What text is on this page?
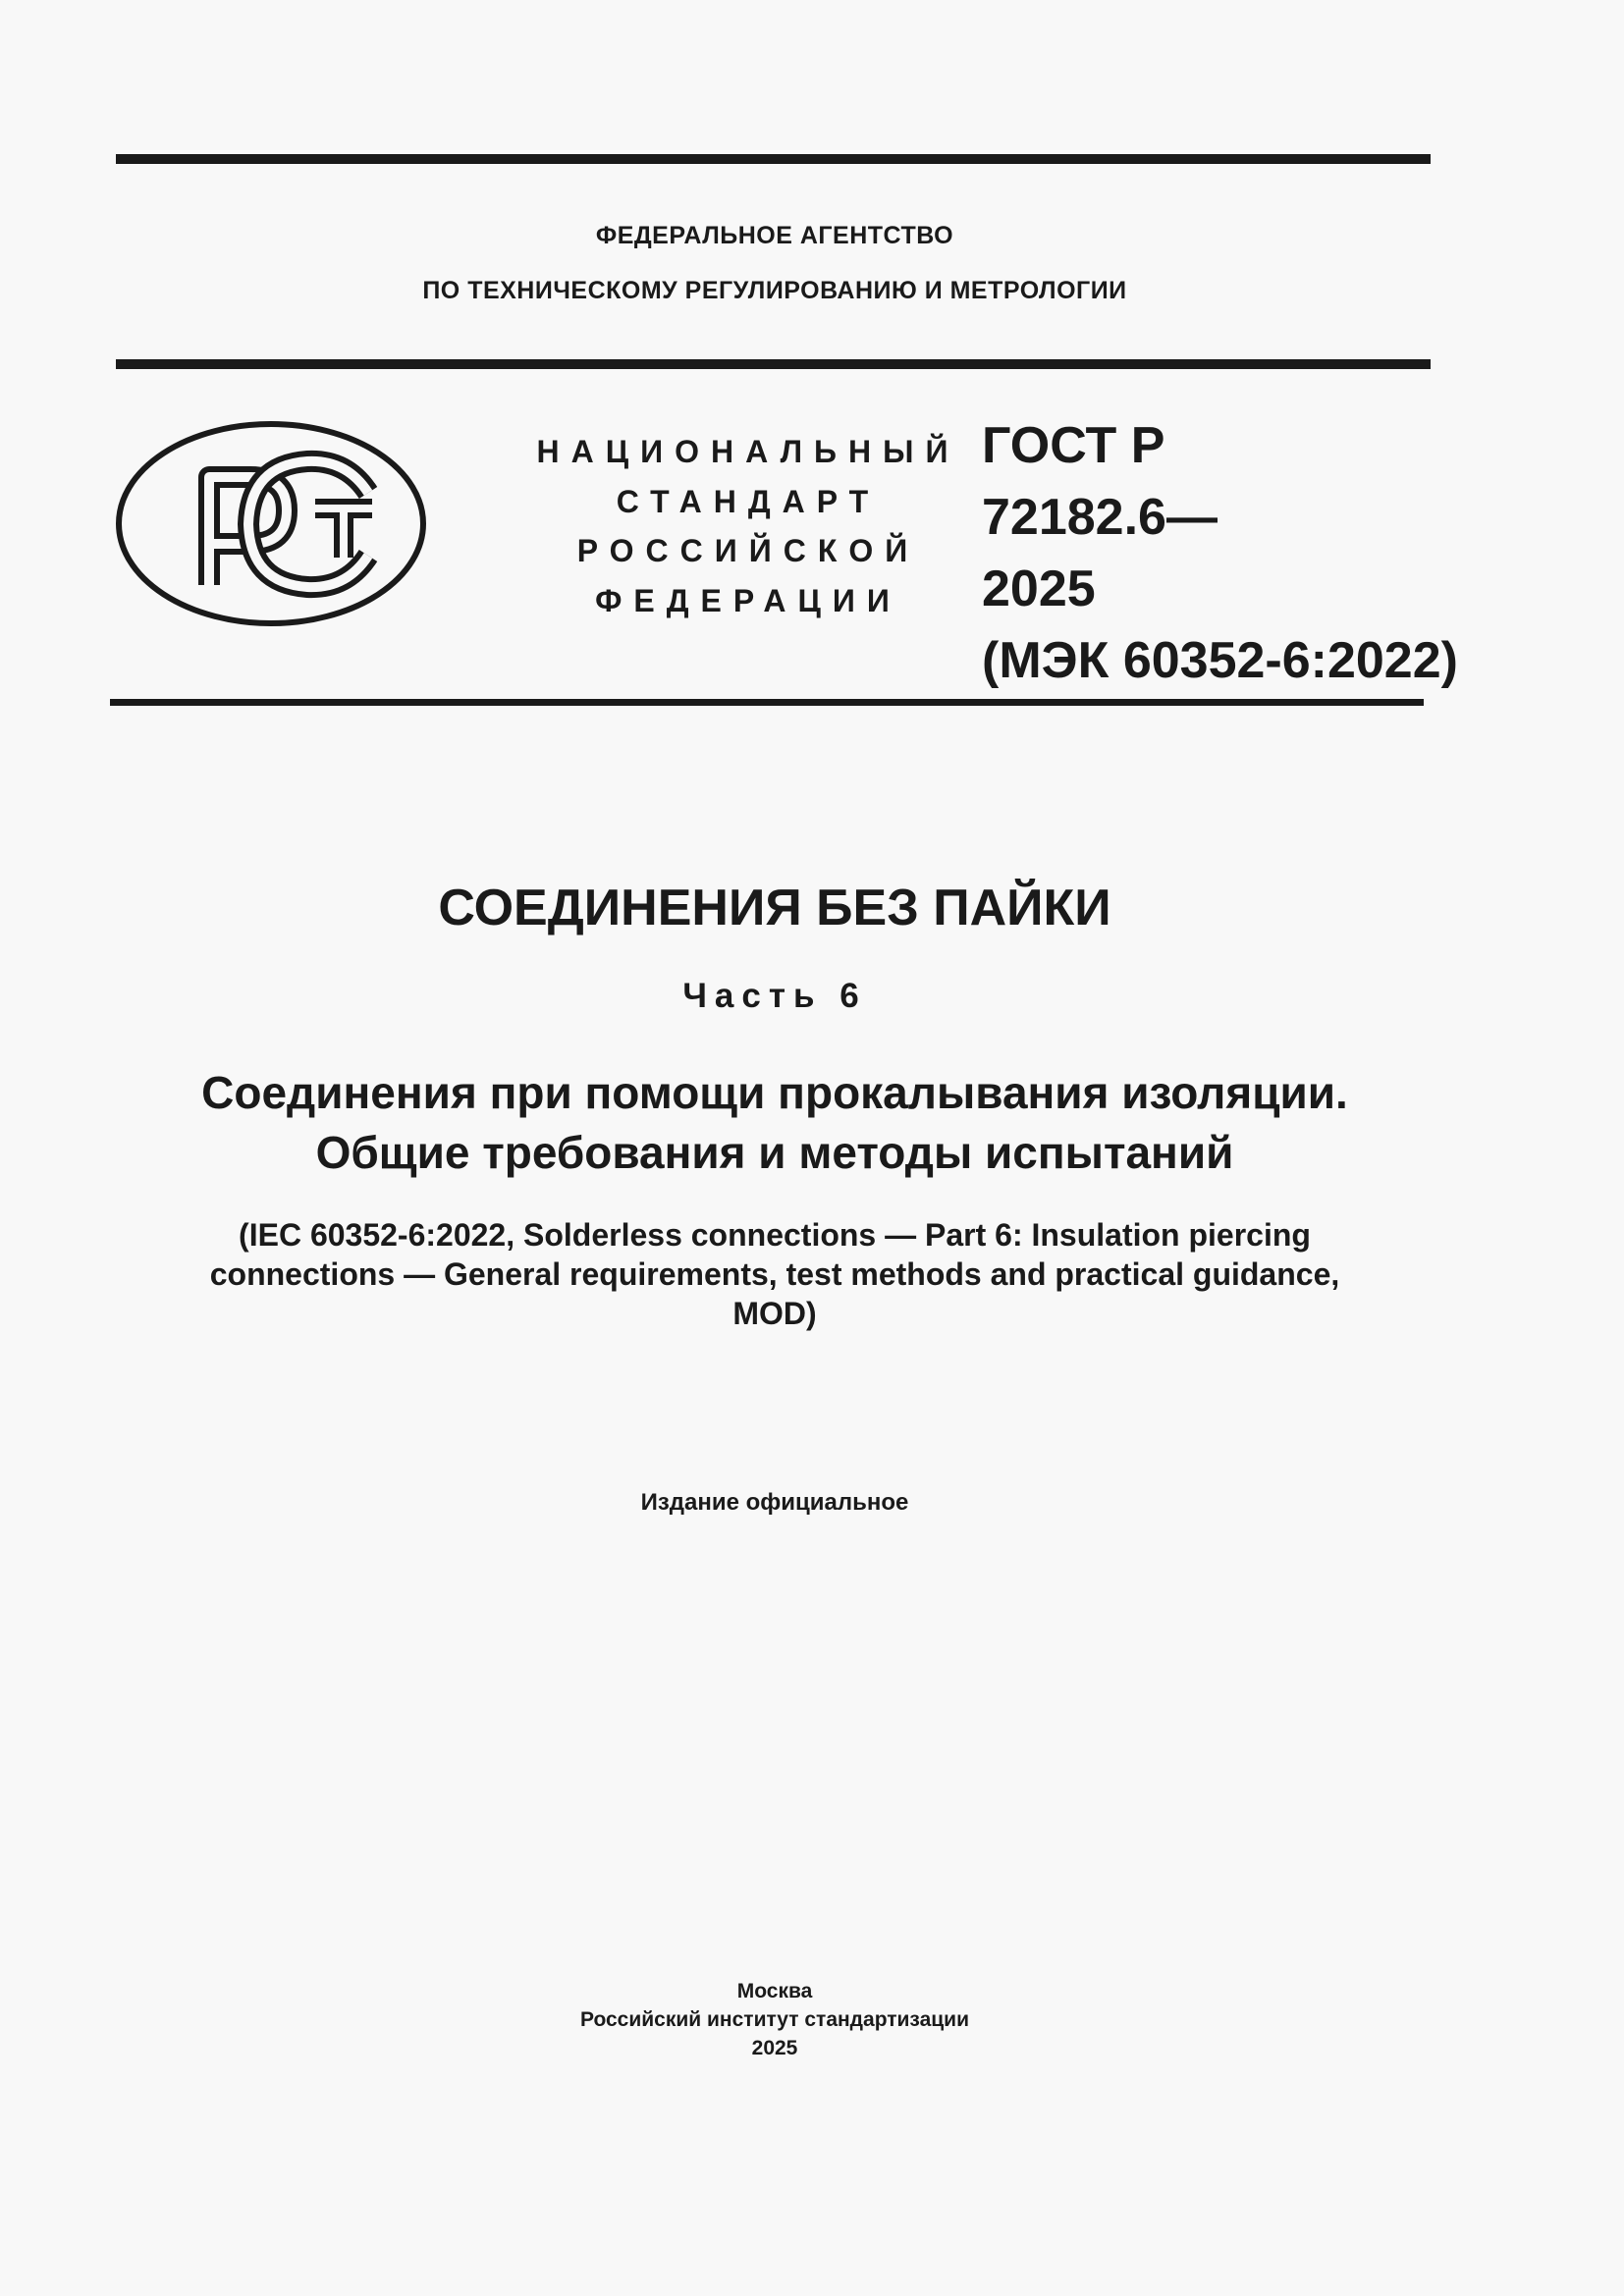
ФЕДЕРАЛЬНОЕ АГЕНТСТВО
ПО ТЕХНИЧЕСКОМУ РЕГУЛИРОВАНИЮ И МЕТРОЛОГИИ
НАЦИОНАЛЬНЫЙ
СТАНДАРТ
РОССИЙСКОЙ
ФЕДЕРАЦИИ
ГОСТ Р
72182.6—
2025
(МЭК 60352-6:2022)
СОЕДИНЕНИЯ БЕЗ ПАЙКИ
Часть 6
Соединения при помощи прокалывания изоляции.
Общие требования и методы испытаний
(IEC 60352-6:2022, Solderless connections — Part 6: Insulation piercing
connections — General requirements, test methods and practical guidance,
MOD)
Издание официальное
Москва
Российский институт стандартизации
2025
